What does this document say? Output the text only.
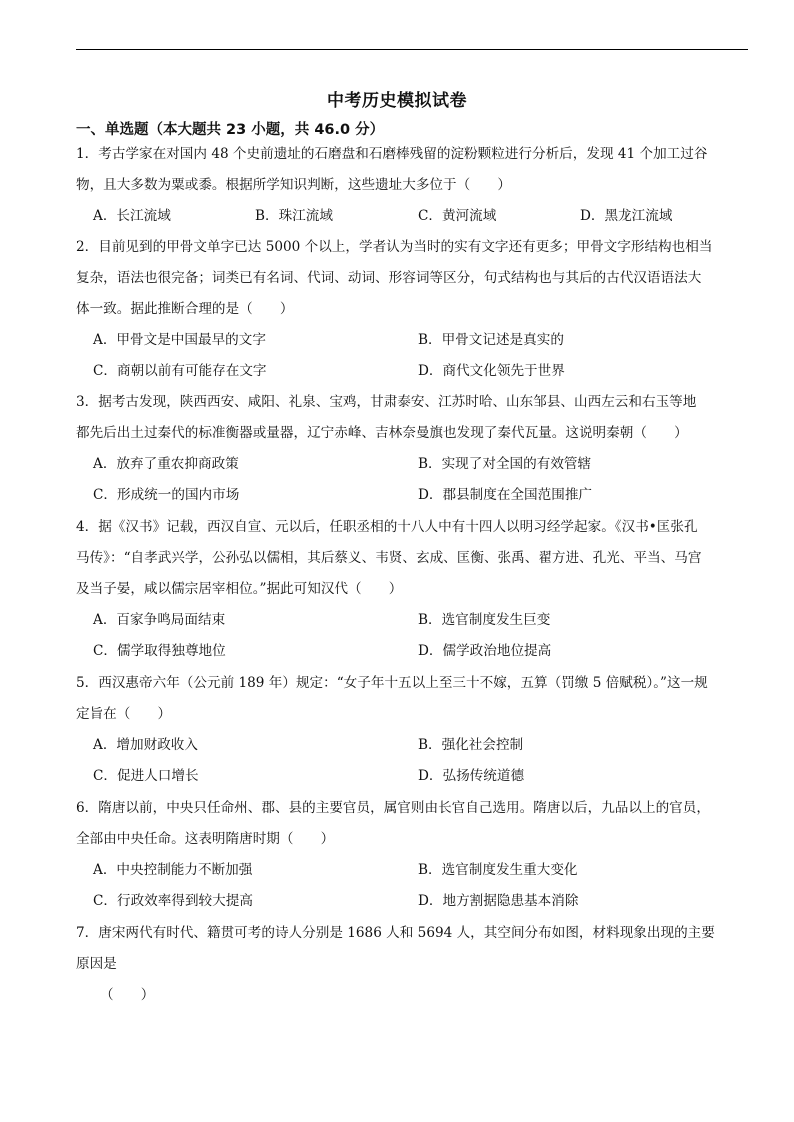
中考历史模拟试卷
一、单选题（本大题共 23 小题，共 46.0 分）
1．考古学家在对国内 48 个史前遗址的石磨盘和石磨棒残留的淀粉颗粒进行分析后，发现 41 个加工过谷
物，且大多数为粟或黍。根据所学知识判断，这些遗址大多位于（　　）
A．长江流域	B．珠江流域	C．黄河流域	D．黑龙江流域
2．目前见到的甲骨文单字已达 5000 个以上，学者认为当时的实有文字还有更多；甲骨文字形结构也相当
复杂，语法也很完备；词类已有名词、代词、动词、形容词等区分，句式结构也与其后的古代汉语语法大
体一致。据此推断合理的是（　　）
A．甲骨文是中国最早的文字	B．甲骨文记述是真实的
C．商朝以前有可能存在文字	D．商代文化领先于世界
3．据考古发现，陕西西安、咸阳、礼泉、宝鸡，甘肃泰安、江苏时哈、山东邹县、山西左云和右玉等地
都先后出土过秦代的标准衡器或量器，辽宁赤峰、吉林奈曼旗也发现了秦代瓦量。这说明秦朝（　　）
A．放弃了重农抑商政策	B．实现了对全国的有效管辖
C．形成统一的国内市场	D．郡县制度在全国范围推广
4．据《汉书》记载，西汉自宣、元以后，任职丞相的十八人中有十四人以明习经学起家。《汉书•匡张孔
马传》：“自孝武兴学，公孙弘以儒相，其后蔡义、韦贤、玄成、匡衡、张禹、翟方进、孔光、平当、马宫
及当子晏，咸以儒宗居宰相位。”据此可知汉代（　　）
A．百家争鸣局面结束	B．选官制度发生巨变
C．儒学取得独尊地位	D．儒学政治地位提高
5．西汉惠帝六年（公元前 189 年）规定：“女子年十五以上至三十不嫁，五算（罚缴 5 倍赋税）。”这一规
定旨在（　　）
A．增加财政收入	B．强化社会控制
C．促进人口增长	D．弘扬传统道德
6．隋唐以前，中央只任命州、郡、县的主要官员，属官则由长官自己选用。隋唐以后，九品以上的官员，
全部由中央任命。这表明隋唐时期（　　）
A．中央控制能力不断加强	B．选官制度发生重大变化
C．行政效率得到较大提高	D．地方割据隐患基本消除
7．唐宋两代有时代、籍贯可考的诗人分别是 1686 人和 5694 人，其空间分布如图，材料现象出现的主要
原因是
（　　）
